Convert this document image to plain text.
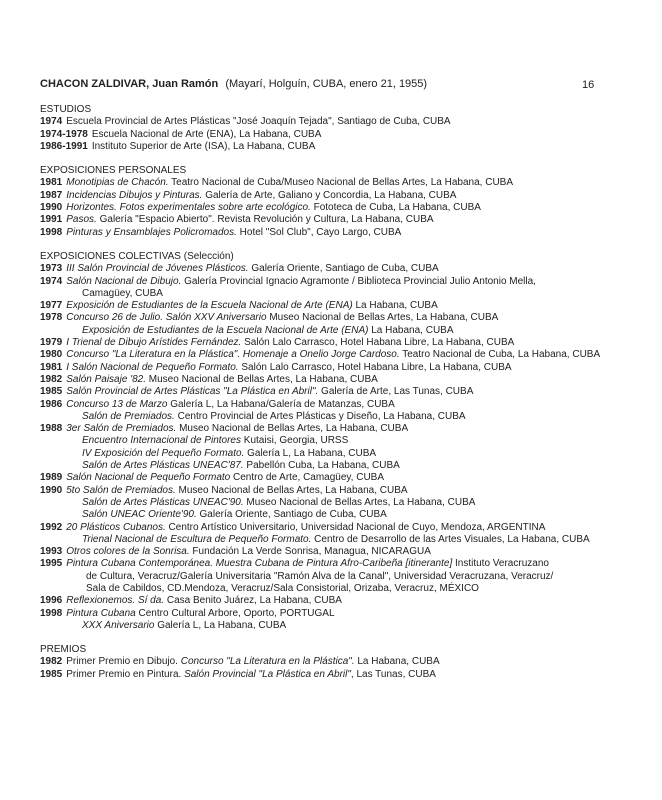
CHACON ZALDIVAR, Juan Ramón (Mayarí, Holguín, CUBA, enero 21, 1955)	16
ESTUDIOS
1974 Escuela Provincial de Artes Plásticas "José Joaquín Tejada", Santiago de Cuba, CUBA
1974-1978 Escuela Nacional de Arte (ENA), La Habana, CUBA
1986-1991 Instituto Superior de Arte (ISA), La Habana, CUBA
EXPOSICIONES PERSONALES
1981 Monotipias de Chacón. Teatro Nacional de Cuba/Museo Nacional de Bellas Artes, La Habana, CUBA
1987 Incidencias Dibujos y Pinturas. Galería de Arte, Galiano y Concordia, La Habana, CUBA
1990 Horizontes. Fotos experimentales sobre arte ecológico. Fototeca de Cuba, La Habana, CUBA
1991 Pasos. Galería "Espacio Abierto". Revista Revolución y Cultura, La Habana, CUBA
1998 Pinturas y Ensamblajes Policromados. Hotel "Sol Club", Cayo Largo, CUBA
EXPOSICIONES COLECTIVAS (Selección)
1973 III Salón Provincial de Jóvenes Plásticos. Galería Oriente, Santiago de Cuba, CUBA
1974 Salón Nacional de Dibujo. Galería Provincial Ignacio Agramonte / Biblioteca Provincial Julio Antonio Mella,
Camagüey, CUBA
1977 Exposición de Estudiantes de la Escuela Nacional de Arte (ENA) La Habana, CUBA
1978 Concurso 26 de Julio. Salón XXV Aniversario Museo Nacional de Bellas Artes, La Habana, CUBA
Exposición de Estudiantes de la Escuela Nacional de Arte (ENA) La Habana, CUBA
1979 I Trienal de Dibujo Arístides Fernández. Salón Lalo Carrasco, Hotel Habana Libre, La Habana, CUBA
1980 Concurso "La Literatura en la Plástica". Homenaje a Onelio Jorge Cardoso. Teatro Nacional de Cuba, La Habana, CUBA
1981 I Salón Nacional de Pequeño Formato. Salón Lalo Carrasco, Hotel Habana Libre, La Habana, CUBA
1982 Salón Paisaje '82. Museo Nacional de Bellas Artes, La Habana, CUBA
1985 Salón Provincial de Artes Plásticas "La Plástica en Abril". Galería de Arte, Las Tunas, CUBA
1986 Concurso 13 de Marzo Galería L, La Habana/Galería de Matanzas, CUBA
Salón de Premiados. Centro Provincial de Artes Plásticas y Diseño, La Habana, CUBA
1988 3er Salón de Premiados. Museo Nacional de Bellas Artes, La Habana, CUBA
Encuentro Internacional de Pintores Kutaisi, Georgia, URSS
IV Exposición del Pequeño Formato. Galería L, La Habana, CUBA
Salón de Artes Plásticas UNEAC'87. Pabellón Cuba, La Habana, CUBA
1989 Salón Nacional de Pequeño Formato Centro de Arte, Camagüey, CUBA
1990 5to Salón de Premiados. Museo Nacional de Bellas Artes, La Habana, CUBA
Salón de Artes Plásticas UNEAC'90. Museo Nacional de Bellas Artes, La Habana, CUBA
Salón UNEAC Oriente'90. Galería Oriente, Santiago de Cuba, CUBA
1992 20 Plásticos Cubanos. Centro Artístico Universitario, Universidad Nacional de Cuyo, Mendoza, ARGENTINA
Trienal Nacional de Escultura de Pequeño Formato. Centro de Desarrollo de las Artes Visuales, La Habana, CUBA
1993 Otros colores de la Sonrisa. Fundación La Verde Sonrisa, Managua, NICARAGUA
1995 Pintura Cubana Contemporánea. Muestra Cubana de Pintura Afro-Caribeña [itinerante] Instituto Veracruzano
de Cultura, Veracruz/Galería Universitaria "Ramón Alva de la Canal", Universidad Veracruzana, Veracruz/
Sala de Cabildos, CD.Mendoza, Veracruz/Sala Consistorial, Orizaba, Veracruz, MÉXICO
1996 Reflexionemos. Sí da. Casa Benito Juárez, La Habana, CUBA
1998 Pintura Cubana Centro Cultural Arbore, Oporto, PORTUGAL
XXX Aniversario Galería L, La Habana, CUBA
PREMIOS
1982 Primer Premio en Dibujo. Concurso "La Literatura en la Plástica". La Habana, CUBA
1985 Primer Premio en Pintura. Salón Provincial "La Plástica en Abril", Las Tunas, CUBA
